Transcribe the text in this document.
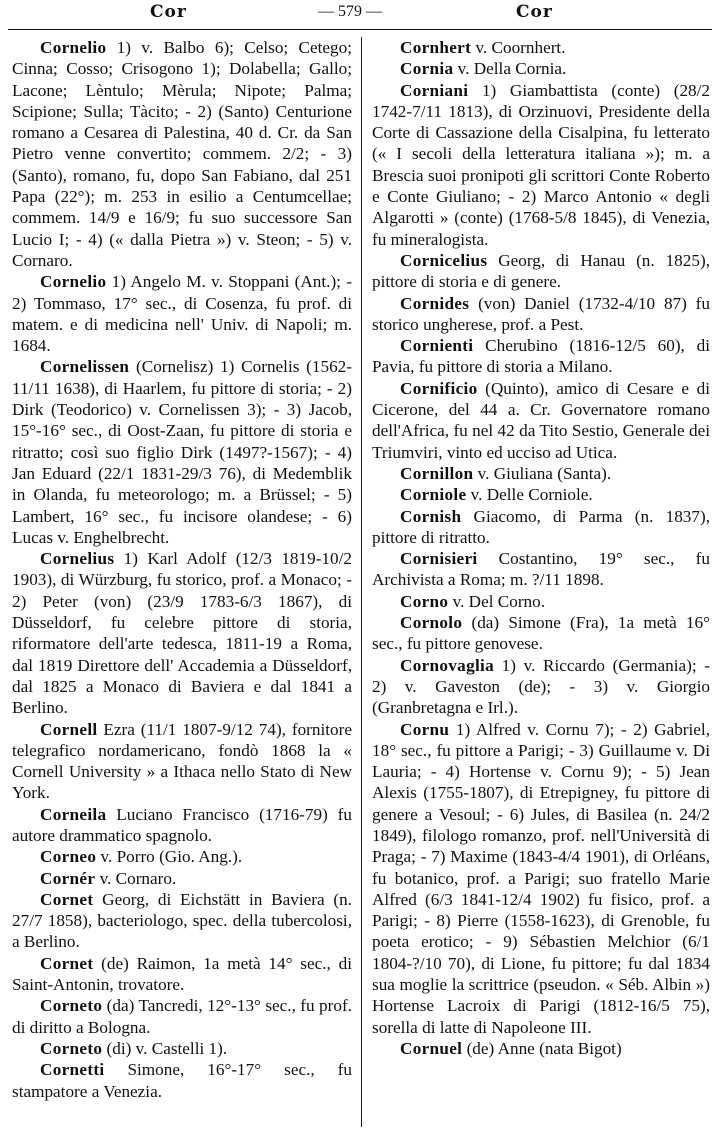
Cor	— 579 —	Cor

Cornelio 1) v. Balbo 6); Celso; Cetego; Cinna; Cosso; Crisogono 1); Dolabella; Gallo; Lacone; Lèntulo; Mèrula; Nipote; Palma; Scipione; Sulla; Tàcito; - 2) (Santo) Centurione romano a Cesarea di Palestina, 40 d. Cr. da San Pietro venne convertito; commem. 2/2; - 3) (Santo), romano, fu, dopo San Fabiano, dal 251 Papa (22°); m. 253 in esilio a Centumcellae; commem. 14/9 e 16/9; fu suo successore San Lucio I; - 4) (« dalla Pietra ») v. Steon; - 5) v. Cornaro.

Cornelio 1) Angelo M. v. Stoppani (Ant.); - 2) Tommaso, 17° sec., di Cosenza, fu prof. di matem. e di medicina nell' Univ. di Napoli; m. 1684.

Cornelissen (Cornelisz) 1) Cornelis (1562-11/11 1638), di Haarlem, fu pittore di storia; - 2) Dirk (Teodorico) v. Cornelissen 3); - 3) Jacob, 15°-16° sec., di Oost-Zaan, fu pittore di storia e ritratto; così suo figlio Dirk (1497?-1567); - 4) Jan Eduard (22/1 1831-29/3 76), di Medemblik in Olanda, fu meteorologo; m. a Brüssel; - 5) Lambert, 16° sec., fu incisore olandese; - 6) Lucas v. Enghelbrecht.

Cornelius 1) Karl Adolf (12/3 1819-10/2 1903), di Würzburg, fu storico, prof. a Monaco; - 2) Peter (von) (23/9 1783-6/3 1867), di Düsseldorf, fu celebre pittore di storia, riformatore dell'arte tedesca, 1811-19 a Roma, dal 1819 Direttore dell' Accademia a Düsseldorf, dal 1825 a Monaco di Baviera e dal 1841 a Berlino.

Cornell Ezra (11/1 1807-9/12 74), fornitore telegrafico nordamericano, fondò 1868 la « Cornell University » a Ithaca nello Stato di New York.

Corneila Luciano Francisco (1716-79) fu autore drammatico spagnolo.

Corneo v. Porro (Gio. Ang.).

Cornér v. Cornaro.

Cornet Georg, di Eichstätt in Baviera (n. 27/7 1858), bacteriologo, spec. della tubercolosi, a Berlino.

Cornet (de) Raimon, 1a metà 14° sec., di Saint-Antonin, trovatore.

Corneto (da) Tancredi, 12°-13° sec., fu prof. di diritto a Bologna.

Corneto (di) v. Castelli 1).

Cornetti Simone, 16°-17° sec., fu stampatore a Venezia.

Cornhert v. Coornhert.

Cornia v. Della Cornia.

Corniani 1) Giambattista (conte) (28/2 1742-7/11 1813), di Orzinuovi, Presidente della Corte di Cassazione della Cisalpina, fu letterato (« I secoli della letteratura italiana »); m. a Brescia suoi pronipoti gli scrittori Conte Roberto e Conte Giuliano; - 2) Marco Antonio « degli Algarotti » (conte) (1768-5/8 1845), di Venezia, fu mineralogista.

Cornicelius Georg, di Hanau (n. 1825), pittore di storia e di genere.

Cornides (von) Daniel (1732-4/10 87) fu storico ungherese, prof. a Pest.

Cornienti Cherubino (1816-12/5 60), di Pavia, fu pittore di storia a Milano.

Cornificio (Quinto), amico di Cesare e di Cicerone, del 44 a. Cr. Governatore romano dell'Africa, fu nel 42 da Tito Sestio, Generale dei Triumviri, vinto ed ucciso ad Utica.

Cornillon v. Giuliana (Santa).

Corniole v. Delle Corniole.

Cornish Giacomo, di Parma (n. 1837), pittore di ritratto.

Cornisieri Costantino, 19° sec., fu Archivista a Roma; m. ?/11 1898.

Corno v. Del Corno.

Cornolo (da) Simone (Fra), 1a metà 16° sec., fu pittore genovese.

Cornovaglia 1) v. Riccardo (Germania); - 2) v. Gaveston (de); - 3) v. Giorgio (Granbretagna e Irl.).

Cornu 1) Alfred v. Cornu 7); - 2) Gabriel, 18° sec., fu pittore a Parigi; - 3) Guillaume v. Di Lauria; - 4) Hortense v. Cornu 9); - 5) Jean Alexis (1755-1807), di Etrepigney, fu pittore di genere a Vesoul; - 6) Jules, di Basilea (n. 24/2 1849), filologo romanzo, prof. nell'Università di Praga; - 7) Maxime (1843-4/4 1901), di Orléans, fu botanico, prof. a Parigi; suo fratello Marie Alfred (6/3 1841-12/4 1902) fu fisico, prof. a Parigi; - 8) Pierre (1558-1623), di Grenoble, fu poeta erotico; - 9) Sébastien Melchior (6/1 1804-?/10 70), di Lione, fu pittore; fu dal 1834 sua moglie la scrittrice (pseudon. « Séb. Albin ») Hortense Lacroix di Parigi (1812-16/5 75), sorella di latte di Napoleone III.

Cornuel (de) Anne (nata Bigot)
